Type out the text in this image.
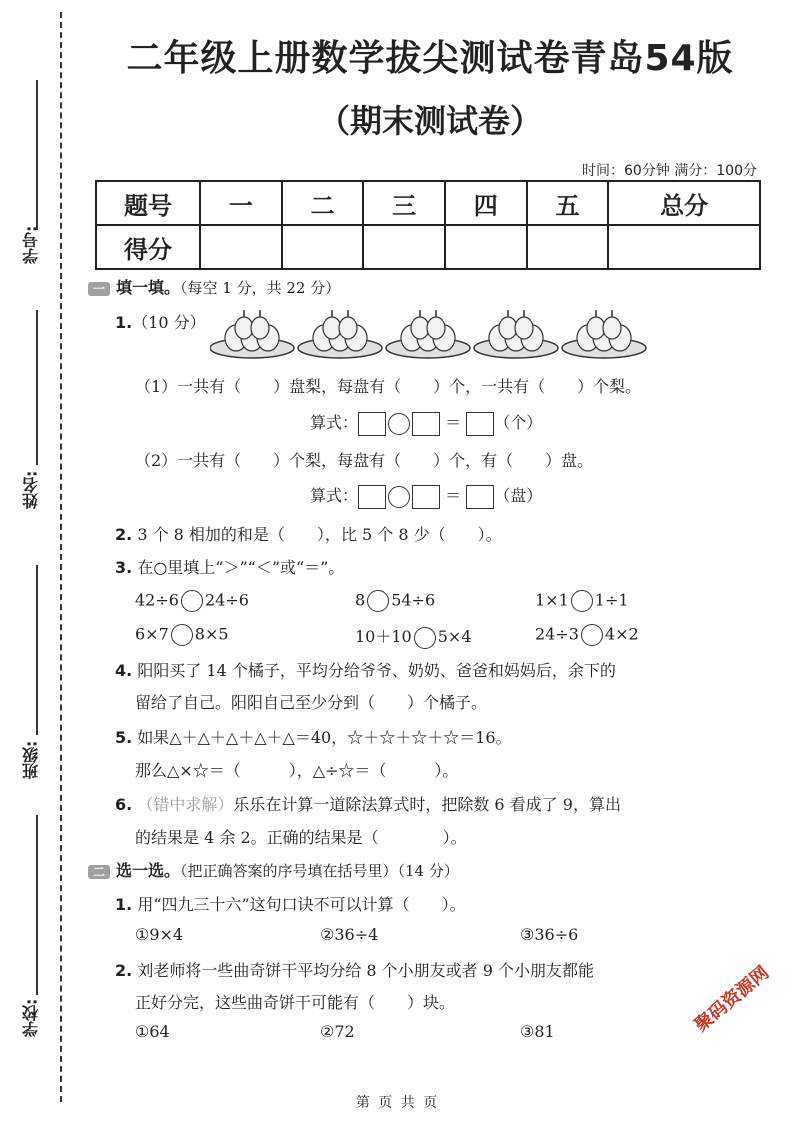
学号:
姓名:
班级:
学校:
二年级上册数学拔尖测试卷青岛54版
（期末测试卷）
时间：60分钟 满分：100分
题号	一	二	三	四	五	总分
得分						
一 填一填。（每空 1 分，共 22 分）
1.（10 分）
（1）一共有（　　）盘梨，每盘有（　　）个，一共有（　　）个梨。
算式：	＝ （个）
（2）一共有（　　）个梨，每盘有（　　）个，有（　　）盘。
算式：	＝ （盘）
2. 3 个 8 相加的和是（　　），比 5 个 8 少（　　）。
3. 在○里填上“＞”“＜”或“＝”。
42÷6 24÷6	8 54÷6	1×1 1÷1
6×7 8×5	10＋10 5×4	24÷3 4×2
4. 阳阳买了 14 个橘子，平均分给爷爷、奶奶、爸爸和妈妈后，余下的
留给了自己。阳阳自己至少分到（　　）个橘子。
5. 如果△＋△＋△＋△＋△＝40，☆＋☆＋☆＋☆＝16。
那么△×☆＝（　　　），△÷☆＝（　　　）。
6. （错中求解）乐乐在计算一道除法算式时，把除数 6 看成了 9，算出
的结果是 4 余 2。正确的结果是（　　　　）。
二 选一选。（把正确答案的序号填在括号里）（14 分）
1. 用“四九三十六”这句口诀不可以计算（　　）。
①9×4	②36÷4	③36÷6
2. 刘老师将一些曲奇饼干平均分给 8 个小朋友或者 9 个小朋友都能
正好分完，这些曲奇饼干可能有（　　）块。
①64	②72	③81	聚码资源网
第 页 共 页
